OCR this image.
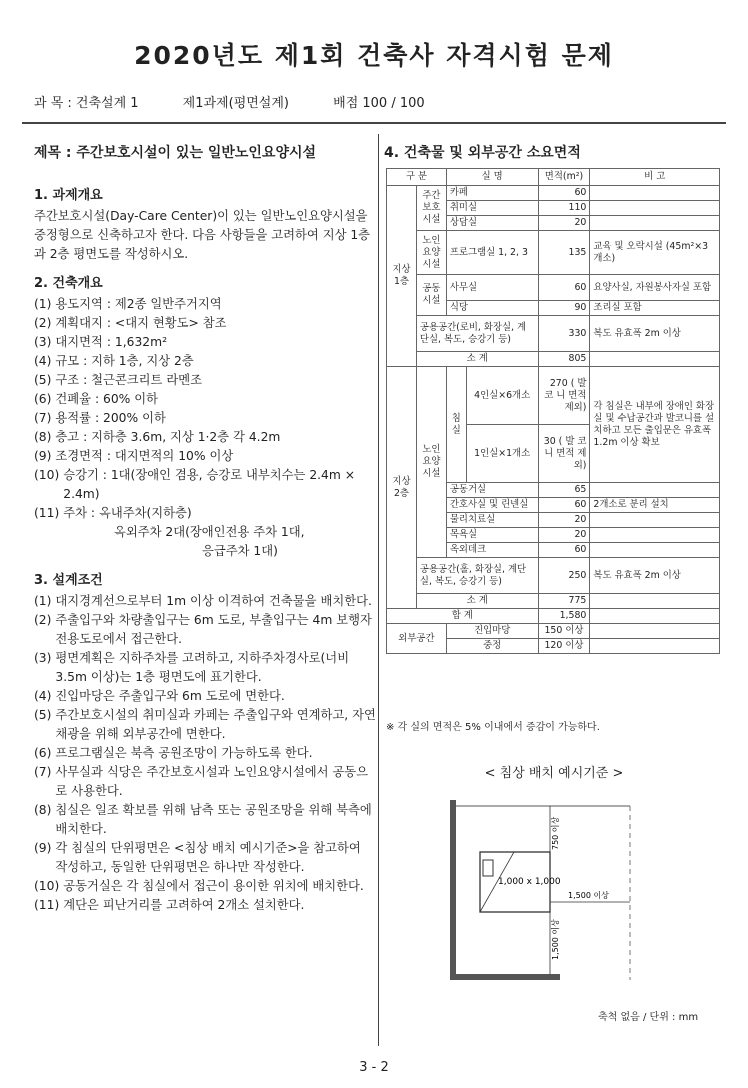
2020년도 제1회 건축사 자격시험 문제
과 목 : 건축설계 1	제1과제(평면설계)	배점 100 / 100
제목 : 주간보호시설이 있는 일반노인요양시설
1. 과제개요
주간보호시설(Day-Care Center)이 있는 일반노인요양시설을 중정형으로 신축하고자 한다. 다음 사항들을 고려하여 지상 1층과 2층 평면도를 작성하시오.
2. 건축개요
(1) 용도지역 : 제2종 일반주거지역
(2) 계획대지 : <대지 현황도> 참조
(3) 대지면적 : 1,632m²
(4) 규모 : 지하 1층, 지상 2층
(5) 구조 : 철근콘크리트 라멘조
(6) 건폐율 : 60% 이하
(7) 용적률 : 200% 이하
(8) 층고 : 지하층 3.6m, 지상 1·2층 각 4.2m
(9) 조경면적 : 대지면적의 10% 이상
(10) 승강기 : 1대(장애인 겸용, 승강로 내부치수는 2.4m × 2.4m)
(11) 주차 : 옥내주차(지하층)
옥외주차 2대(장애인전용 주차 1대,
응급주차 1대)
3. 설계조건
(1) 대지경계선으로부터 1m 이상 이격하여 건축물을 배치한다.
(2) 주출입구와 차량출입구는 6m 도로, 부출입구는 4m 보행자 전용도로에서 접근한다.
(3) 평면계획은 지하주차를 고려하고, 지하주차경사로(너비 3.5m 이상)는 1층 평면도에 표기한다.
(4) 진입마당은 주출입구와 6m 도로에 면한다.
(5) 주간보호시설의 취미실과 카페는 주출입구와 연계하고, 자연채광을 위해 외부공간에 면한다.
(6) 프로그램실은 북측 공원조망이 가능하도록 한다.
(7) 사무실과 식당은 주간보호시설과 노인요양시설에서 공동으로 사용한다.
(8) 침실은 일조 확보를 위해 남측 또는 공원조망을 위해 북측에 배치한다.
(9) 각 침실의 단위평면은 <침상 배치 예시기준>을 참고하여 작성하고, 동일한 단위평면은 하나만 작성한다.
(10) 공동거실은 각 침실에서 접근이 용이한 위치에 배치한다.
(11) 계단은 피난거리를 고려하여 2개소 설치한다.
4. 건축물 및 외부공간 소요면적
구 분		실 명		면적(m²)	비 고
지상 1층	주간 보호 시설	카페		60	
		취미실		110	
		상담실		20	
	노인 요양 시설	프로그램실 1, 2, 3		135	교육 및 오락시설 (45m²×3개소)
	공동 시설	사무실		60	요양사실, 자원봉사자실 포함
		식당		90	조리실 포함
	공용공간(로비, 화장실, 계단실, 복도, 승강기 등)			330	복도 유효폭 2m 이상
	소 계			805	
지상 2층	노인 요양 시설	침실	4인실×6개소	270 ( 발 코 니 면적 제외)	각 침실은 내부에 장애인 화장실 및 수납공간과 발코니를 설치하고 모든 출입문은 유효폭 1.2m 이상 확보
			1인실×1개소	30 ( 발 코 니 면적 제외)	
		공동거실		65	
		간호사실 및 린넨실		60	2개소로 분리 설치
		물리치료실		20	
		목욕실		20	
		옥외데크		60	
	공용공간(홀, 화장실, 계단실, 복도, 승강기 등)			250	복도 유효폭 2m 이상
	소 계			775	
합 계				1,580	
외부공간		진입마당		150 이상	
		중정		120 이상	
※ 각 실의 면적은 5% 이내에서 증감이 가능하다.
< 침상 배치 예시기준 >
750 이상
1,000 x 1,000
1,500 이상
1,500 이상
축척 없음 / 단위 : mm
3 - 2
